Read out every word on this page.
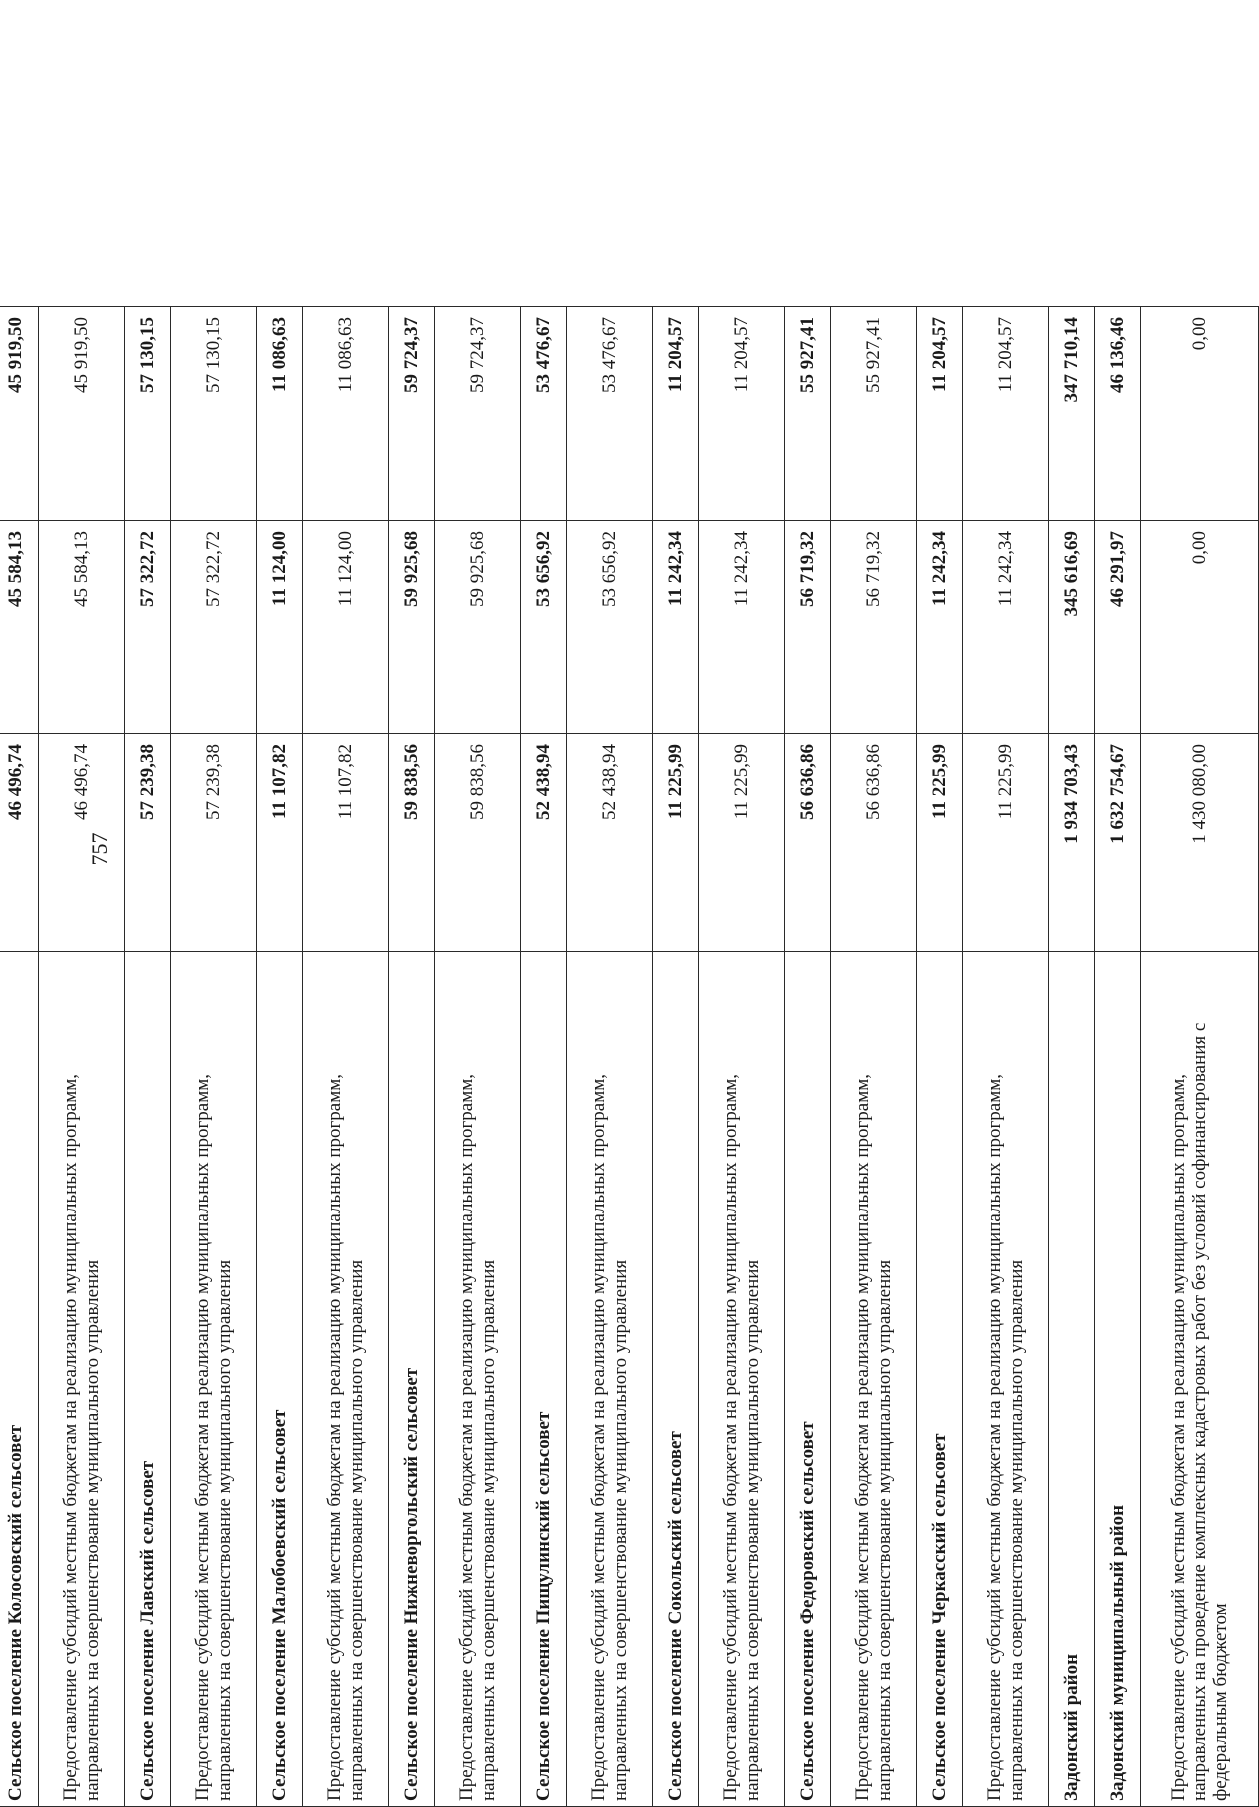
757
Сельское поселение Колосовский сельсовет	46 496,74	45 584,13	45 919,50
Предоставление субсидий местным бюджетам на реализацию муниципальных программ, направленных на совершенствование муниципального управления	46 496,74	45 584,13	45 919,50
Сельское поселение Лавский сельсовет	57 239,38	57 322,72	57 130,15
Предоставление субсидий местным бюджетам на реализацию муниципальных программ, направленных на совершенствование муниципального управления	57 239,38	57 322,72	57 130,15
Сельское поселение Малобоевский сельсовет	11 107,82	11 124,00	11 086,63
Предоставление субсидий местным бюджетам на реализацию муниципальных программ, направленных на совершенствование муниципального управления	11 107,82	11 124,00	11 086,63
Сельское поселение Нижневоргольский сельсовет	59 838,56	59 925,68	59 724,37
Предоставление субсидий местным бюджетам на реализацию муниципальных программ, направленных на совершенствование муниципального управления	59 838,56	59 925,68	59 724,37
Сельское поселение Пищулинский сельсовет	52 438,94	53 656,92	53 476,67
Предоставление субсидий местным бюджетам на реализацию муниципальных программ, направленных на совершенствование муниципального управления	52 438,94	53 656,92	53 476,67
Сельское поселение Сокольский сельсовет	11 225,99	11 242,34	11 204,57
Предоставление субсидий местным бюджетам на реализацию муниципальных программ, направленных на совершенствование муниципального управления	11 225,99	11 242,34	11 204,57
Сельское поселение Федоровский сельсовет	56 636,86	56 719,32	55 927,41
Предоставление субсидий местным бюджетам на реализацию муниципальных программ, направленных на совершенствование муниципального управления	56 636,86	56 719,32	55 927,41
Сельское поселение Черкасский сельсовет	11 225,99	11 242,34	11 204,57
Предоставление субсидий местным бюджетам на реализацию муниципальных программ, направленных на совершенствование муниципального управления	11 225,99	11 242,34	11 204,57
Задонский район	1 934 703,43	345 616,69	347 710,14
Задонский муниципальный район	1 632 754,67	46 291,97	46 136,46
Предоставление субсидий местным бюджетам на реализацию муниципальных программ, направленных на проведение комплексных кадастровых работ без условий софинансирования с федеральным бюджетом	1 430 080,00	0,00	0,00
